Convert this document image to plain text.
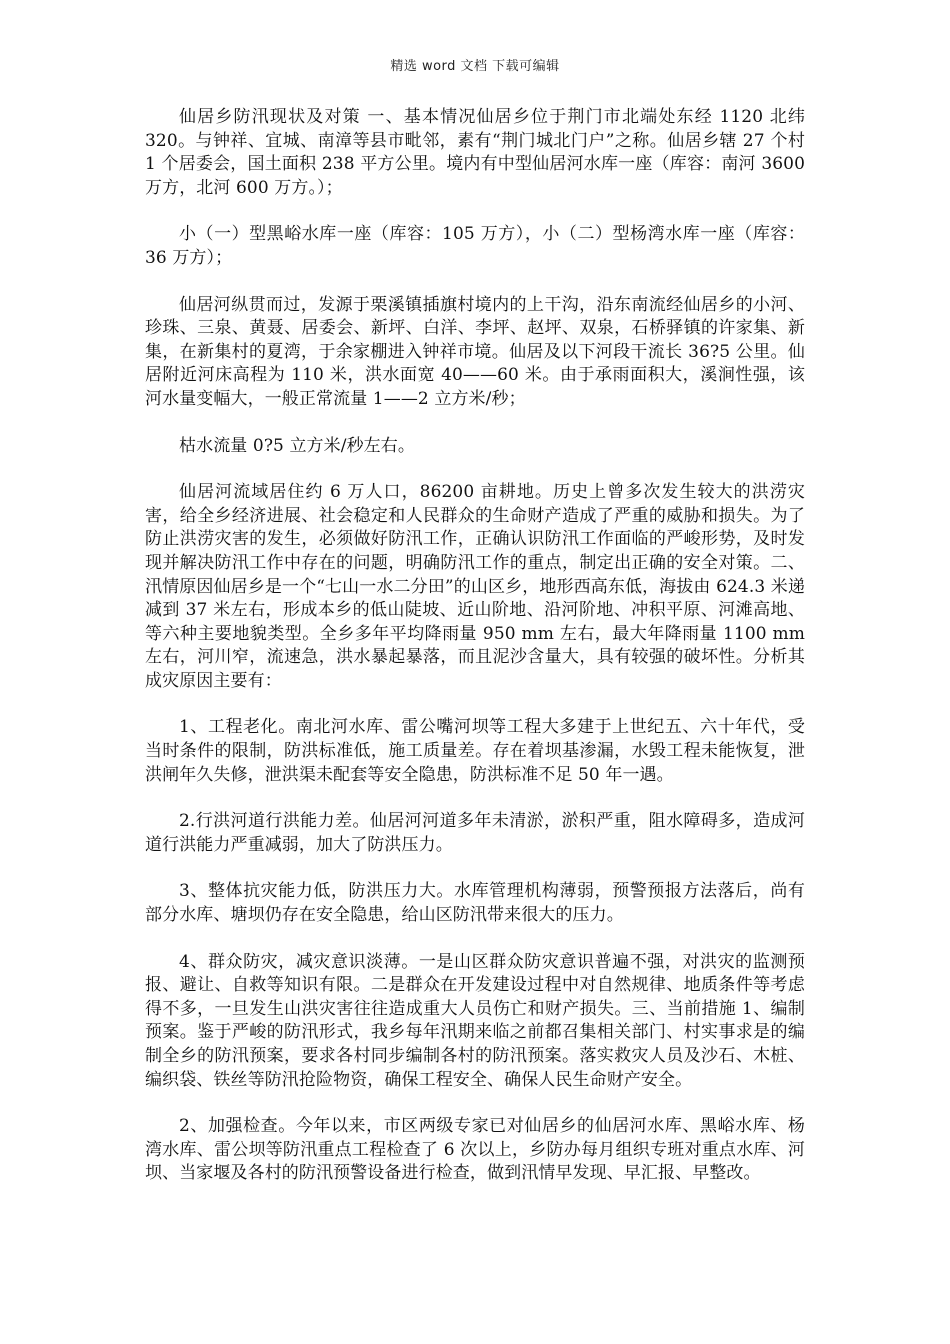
精选 word 文档 下载可编辑

仙居乡防汛现状及对策 一、基本情况仙居乡位于荆门市北端处东经 1120 北纬 320。与钟祥、宜城、南漳等县市毗邻，素有“荆门城北门户”之称。仙居乡辖 27 个村 1 个居委会，国土面积 238 平方公里。境内有中型仙居河水库一座（库容：南河 3600 万方，北河 600 万方。）；

小（一）型黑峪水库一座（库容：105 万方），小（二）型杨湾水库一座（库容：36 万方）；

仙居河纵贯而过，发源于栗溪镇插旗村境内的上干沟，沿东南流经仙居乡的小河、珍珠、三泉、黄聂、居委会、新坪、白洋、李坪、赵坪、双泉，石桥驿镇的许家集、新集，在新集村的夏湾，于余家棚进入钟祥市境。仙居及以下河段干流长 36?5 公里。仙居附近河床高程为 110 米，洪水面宽 40——60 米。由于承雨面积大，溪涧性强，该河水量变幅大，一般正常流量 1——2 立方米/秒；

枯水流量 0?5 立方米/秒左右。

仙居河流域居住约 6 万人口，86200 亩耕地。历史上曾多次发生较大的洪涝灾害，给全乡经济进展、社会稳定和人民群众的生命财产造成了严重的威胁和损失。为了防止洪涝灾害的发生，必须做好防汛工作，正确认识防汛工作面临的严峻形势，及时发现并解决防汛工作中存在的问题，明确防汛工作的重点，制定出正确的安全对策。二、汛情原因仙居乡是一个“七山一水二分田”的山区乡，地形西高东低，海拔由 624.3 米递减到 37 米左右，形成本乡的低山陡坡、近山阶地、沿河阶地、冲积平原、河滩高地、等六种主要地貌类型。全乡多年平均降雨量 950 mm 左右，最大年降雨量 1100 mm 左右，河川窄，流速急，洪水暴起暴落，而且泥沙含量大，具有较强的破坏性。分析其成灾原因主要有：

1、工程老化。南北河水库、雷公嘴河坝等工程大多建于上世纪五、六十年代，受当时条件的限制，防洪标准低，施工质量差。存在着坝基渗漏，水毁工程未能恢复，泄洪闸年久失修，泄洪渠未配套等安全隐患，防洪标准不足 50 年一遇。

2.行洪河道行洪能力差。仙居河河道多年未清淤，淤积严重，阻水障碍多，造成河道行洪能力严重减弱，加大了防洪压力。

3、整体抗灾能力低，防洪压力大。水库管理机构薄弱，预警预报方法落后，尚有部分水库、塘坝仍存在安全隐患，给山区防汛带来很大的压力。

4、群众防灾，减灾意识淡薄。一是山区群众防灾意识普遍不强，对洪灾的监测预报、避让、自救等知识有限。二是群众在开发建设过程中对自然规律、地质条件等考虑得不多，一旦发生山洪灾害往往造成重大人员伤亡和财产损失。三、当前措施 1、编制预案。鉴于严峻的防汛形式，我乡每年汛期来临之前都召集相关部门、村实事求是的编制全乡的防汛预案，要求各村同步编制各村的防汛预案。落实救灾人员及沙石、木桩、编织袋、铁丝等防汛抢险物资，确保工程安全、确保人民生命财产安全。

2、加强检查。今年以来，市区两级专家已对仙居乡的仙居河水库、黑峪水库、杨湾水库、雷公坝等防汛重点工程检查了 6 次以上，乡防办每月组织专班对重点水库、河坝、当家堰及各村的防汛预警设备进行检查，做到汛情早发现、早汇报、早整改。
